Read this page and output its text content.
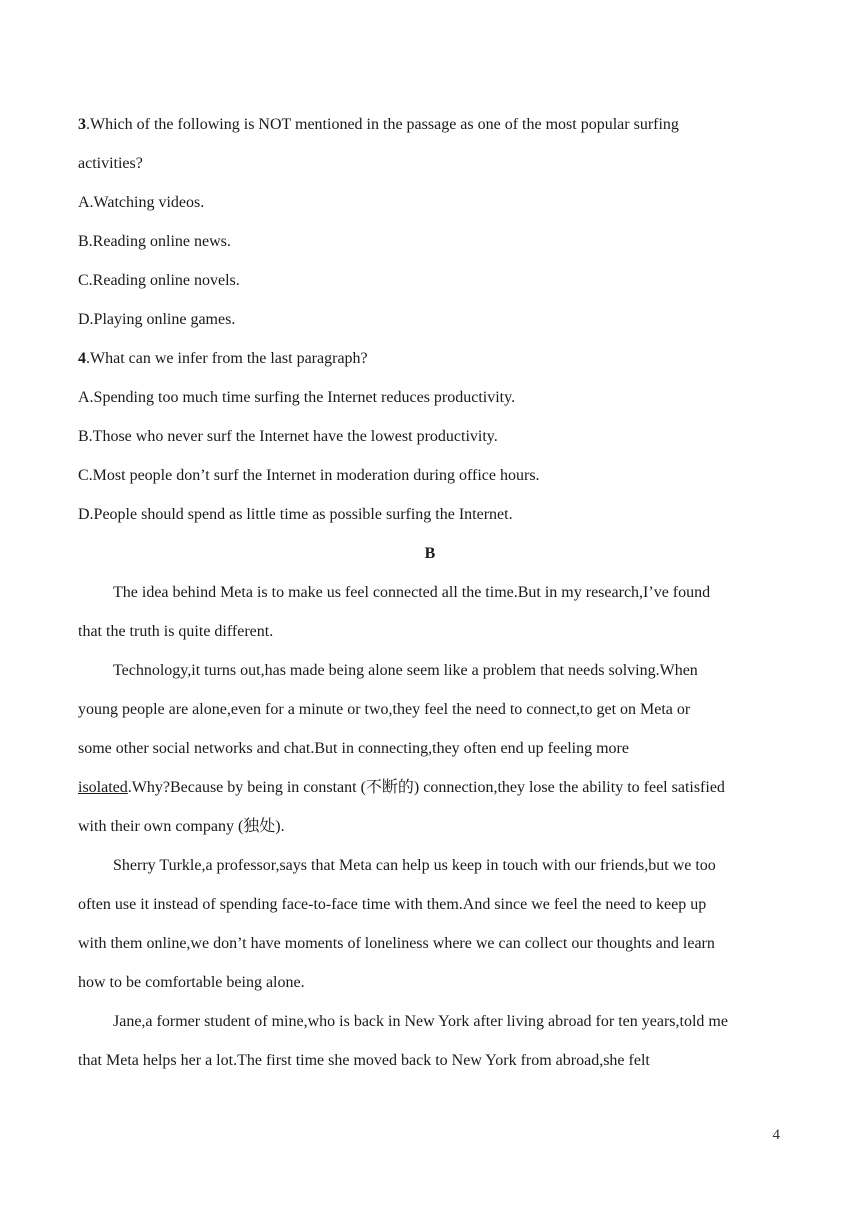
3.Which of the following is NOT mentioned in the passage as one of the most popular surfing
activities?
A.Watching videos.
B.Reading online news.
C.Reading online novels.
D.Playing online games.
4.What can we infer from the last paragraph?
A.Spending too much time surfing the Internet reduces productivity.
B.Those who never surf the Internet have the lowest productivity.
C.Most people don’t surf the Internet in moderation during office hours.
D.People should spend as little time as possible surfing the Internet.
B
The idea behind Meta is to make us feel connected all the time.But in my research,I’ve found
that the truth is quite different.
Technology,it turns out,has made being alone seem like a problem that needs solving.When
young people are alone,even for a minute or two,they feel the need to connect,to get on Meta or
some other social networks and chat.But in connecting,they often end up feeling more
isolated.Why?Because by being in constant (不断的) connection,they lose the ability to feel satisfied
with their own company (独处).
Sherry Turkle,a professor,says that Meta can help us keep in touch with our friends,but we too
often use it instead of spending face-to-face time with them.And since we feel the need to keep up
with them online,we don’t have moments of loneliness where we can collect our thoughts and learn
how to be comfortable being alone.
Jane,a former student of mine,who is back in New York after living abroad for ten years,told me
that Meta helps her a lot.The first time she moved back to New York from abroad,she felt
4
